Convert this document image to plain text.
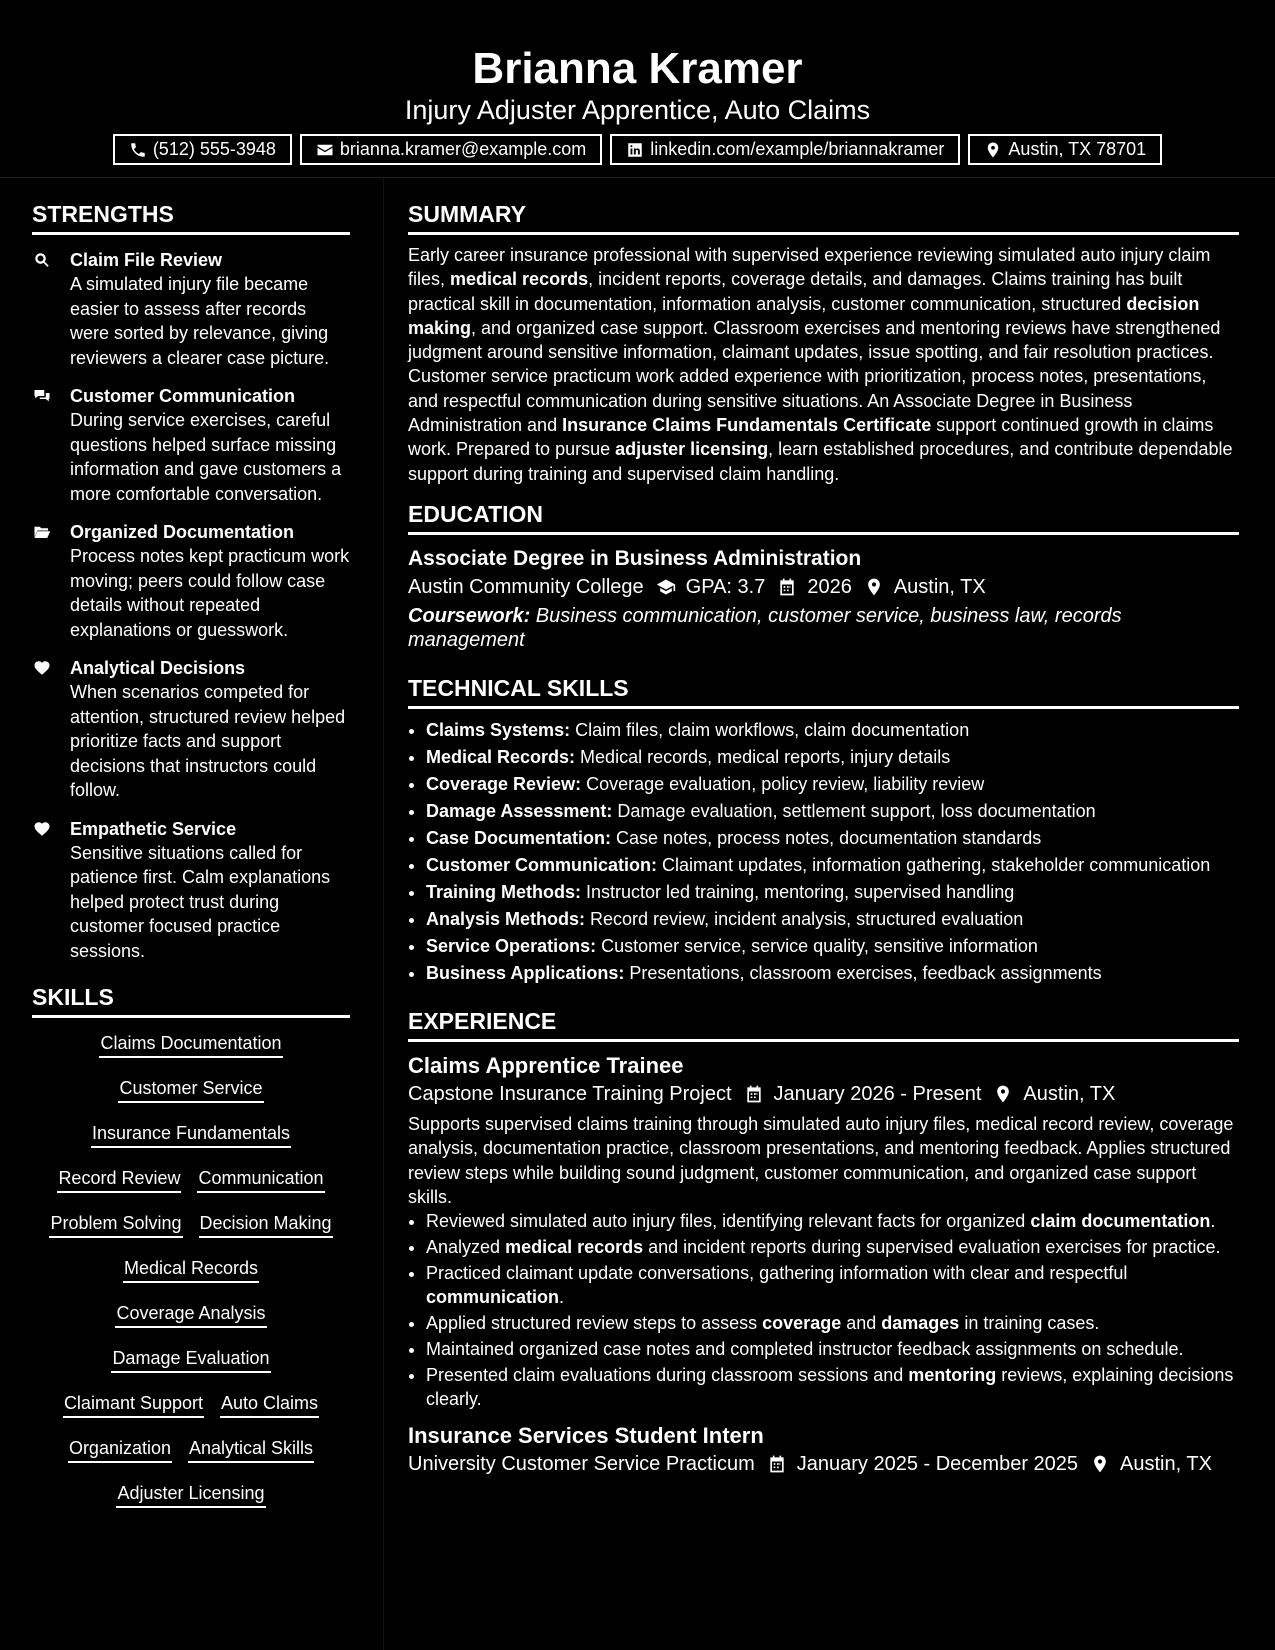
Brianna Kramer
Injury Adjuster Apprentice, Auto Claims
(512) 555-3948	brianna.kramer@example.com	linkedin.com/example/briannakramer	Austin, TX 78701
STRENGTHS
Claim File Review
A simulated injury file became easier to assess after records were sorted by relevance, giving reviewers a clearer case picture.
Customer Communication
During service exercises, careful questions helped surface missing information and gave customers a more comfortable conversation.
Organized Documentation
Process notes kept practicum work moving; peers could follow case details without repeated explanations or guesswork.
Analytical Decisions
When scenarios competed for attention, structured review helped prioritize facts and support decisions that instructors could follow.
Empathetic Service
Sensitive situations called for patience first. Calm explanations helped protect trust during customer focused practice sessions.
SKILLS
Claims Documentation
Customer Service
Insurance Fundamentals
Record Review Communication
Problem Solving Decision Making
Medical Records
Coverage Analysis
Damage Evaluation
Claimant Support Auto Claims
Organization Analytical Skills
Adjuster Licensing
SUMMARY
Early career insurance professional with supervised experience reviewing simulated auto injury claim files, medical records, incident reports, coverage details, and damages. Claims training has built practical skill in documentation, information analysis, customer communication, structured decision making, and organized case support. Classroom exercises and mentoring reviews have strengthened judgment around sensitive information, claimant updates, issue spotting, and fair resolution practices. Customer service practicum work added experience with prioritization, process notes, presentations, and respectful communication during sensitive situations. An Associate Degree in Business Administration and Insurance Claims Fundamentals Certificate support continued growth in claims work. Prepared to pursue adjuster licensing, learn established procedures, and contribute dependable support during training and supervised claim handling.
EDUCATION
Associate Degree in Business Administration
Austin Community College GPA: 3.7 2026 Austin, TX
Coursework: Business communication, customer service, business law, records management
TECHNICAL SKILLS
• Claims Systems: Claim files, claim workflows, claim documentation
• Medical Records: Medical records, medical reports, injury details
• Coverage Review: Coverage evaluation, policy review, liability review
• Damage Assessment: Damage evaluation, settlement support, loss documentation
• Case Documentation: Case notes, process notes, documentation standards
• Customer Communication: Claimant updates, information gathering, stakeholder communication
• Training Methods: Instructor led training, mentoring, supervised handling
• Analysis Methods: Record review, incident analysis, structured evaluation
• Service Operations: Customer service, service quality, sensitive information
• Business Applications: Presentations, classroom exercises, feedback assignments
EXPERIENCE
Claims Apprentice Trainee
Capstone Insurance Training Project January 2026 - Present Austin, TX
Supports supervised claims training through simulated auto injury files, medical record review, coverage analysis, documentation practice, classroom presentations, and mentoring feedback. Applies structured review steps while building sound judgment, customer communication, and organized case support skills.
• Reviewed simulated auto injury files, identifying relevant facts for organized claim documentation.
• Analyzed medical records and incident reports during supervised evaluation exercises for practice.
• Practiced claimant update conversations, gathering information with clear and respectful communication.
• Applied structured review steps to assess coverage and damages in training cases.
• Maintained organized case notes and completed instructor feedback assignments on schedule.
• Presented claim evaluations during classroom sessions and mentoring reviews, explaining decisions clearly.
Insurance Services Student Intern
University Customer Service Practicum January 2025 - December 2025 Austin, TX
